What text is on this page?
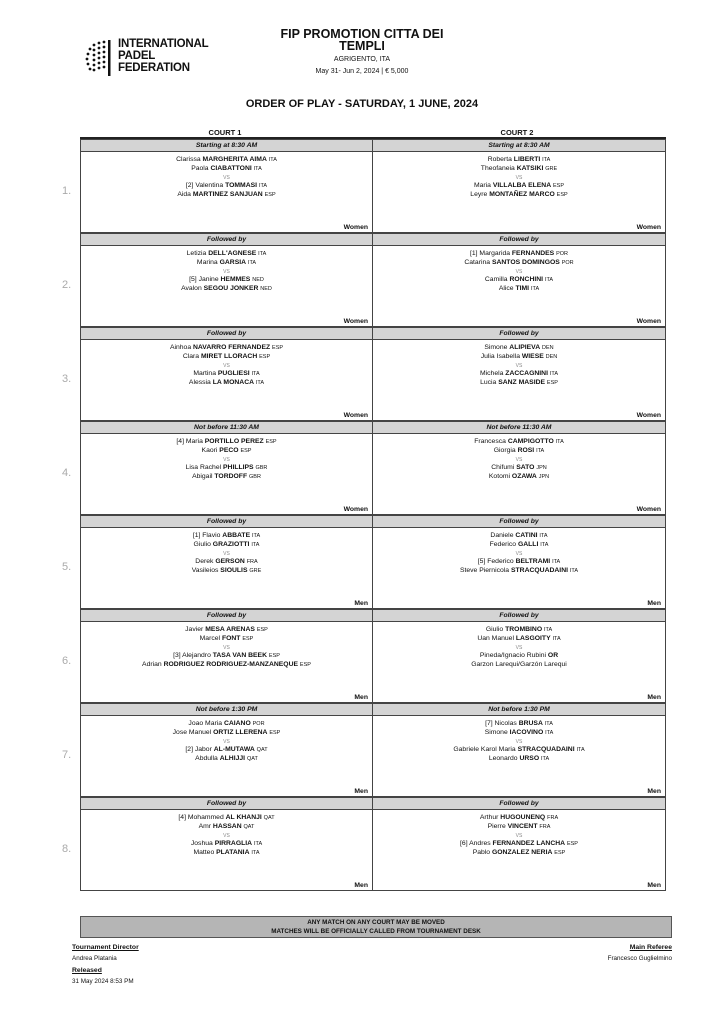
INTERNATIONAL
PADEL
FEDERATION
FIP PROMOTION CITTA DEI
TEMPLI
AGRIGENTO, ITA
May 31- Jun 2, 2024 | € 5,000
ORDER OF PLAY - SATURDAY, 1 JUNE, 2024
COURT 1	COURT 2
Starting at 8:30 AM
Clarissa MARGHERITA AIMA ITA
Paola CIABATTONI ITA
[2] Valentina TOMMASI ITA
Aida MARTINEZ SANJUAN ESP
VS
Women
Starting at 8:30 AM
Roberta LIBERTI ITA
Theofaneia KATSIKI GRE
Maria VILLALBA ELENA ESP
Leyre MONTAÑEZ MARCO ESP
VS
Women
Followed by
Letizia DELL'AGNESE ITA
Marina GARSIA ITA
[5] Janine HEMMES NED
Avalon SEGOU JONKER NED
VS
Women
Followed by
[1] Margarida FERNANDES POR
Catarina SANTOS DOMINGOS POR
Camilla RONCHINI ITA
Alice TIMI ITA
VS
Women
Followed by
Ainhoa NAVARRO FERNANDEZ ESP
Clara MIRET LLORACH ESP
Martina PUGLIESI ITA
Alessia LA MONACA ITA
VS
Women
Followed by
Simone ALIPIEVA DEN
Julia Isabella WIESE DEN
Michela ZACCAGNINI ITA
Lucia SANZ MASIDE ESP
VS
Women
Not before 11:30 AM
[4] Maria PORTILLO PEREZ ESP
Kaori PECO ESP
Lisa Rachel PHILLIPS GBR
Abigail TORDOFF GBR
VS
Women
Not before 11:30 AM
Francesca CAMPIGOTTO ITA
Giorgia ROSI ITA
Chifumi SATO JPN
Kotomi OZAWA JPN
VS
Women
Followed by
[1] Flavio ABBATE ITA
Giulio GRAZIOTTI ITA
Derek GERSON FRA
Vasileios SIOULIS GRE
VS
Men
Followed by
Daniele CATINI ITA
Federico GALLI ITA
[5] Federico BELTRAMI ITA
Steve Piernicola STRACQUADAINI ITA
VS
Men
Followed by
Javier MESA ARENAS ESP
Marcel FONT ESP
[3] Alejandro TASA VAN BEEK ESP
Adrian RODRIGUEZ RODRIGUEZ-MANZANEQUE ESP
VS
Men
Followed by
Giulio TROMBINO ITA
Uan Manuel LASGOITY ITA
Pineda/Ignacio Rubini OR
Garzon Larequi/Garzón Larequi
VS
Men
Not before 1:30 PM
Joao Maria CAIANO POR
Jose Manuel ORTIZ LLERENA ESP
[2] Jabor AL-MUTAWA QAT
Abdulla ALHIJJI QAT
VS
Men
Not before 1:30 PM
[7] Nicolas BRUSA ITA
Simone IACOVINO ITA
Gabriele Karol Maria STRACQUADAINI ITA
Leonardo URSO ITA
VS
Men
Followed by
[4] Mohammed AL KHANJI QAT
Amr HASSAN QAT
Joshua PIRRAGLIA ITA
Matteo PLATANIA ITA
VS
Men
Followed by
Arthur HUGOUNENQ FRA
Pierre VINCENT FRA
[6] Andres FERNANDEZ LANCHA ESP
Pablo GONZALEZ NERIA ESP
VS
Men
1.
2.
3.
4.
5.
6.
7.
8.
ANY MATCH ON ANY COURT MAY BE MOVED
MATCHES WILL BE OFFICIALLY CALLED FROM TOURNAMENT DESK
Tournament Director
Andrea Platania
Released
31 May 2024 8:53 PM
Main Referee
Francesco Guglielmino
